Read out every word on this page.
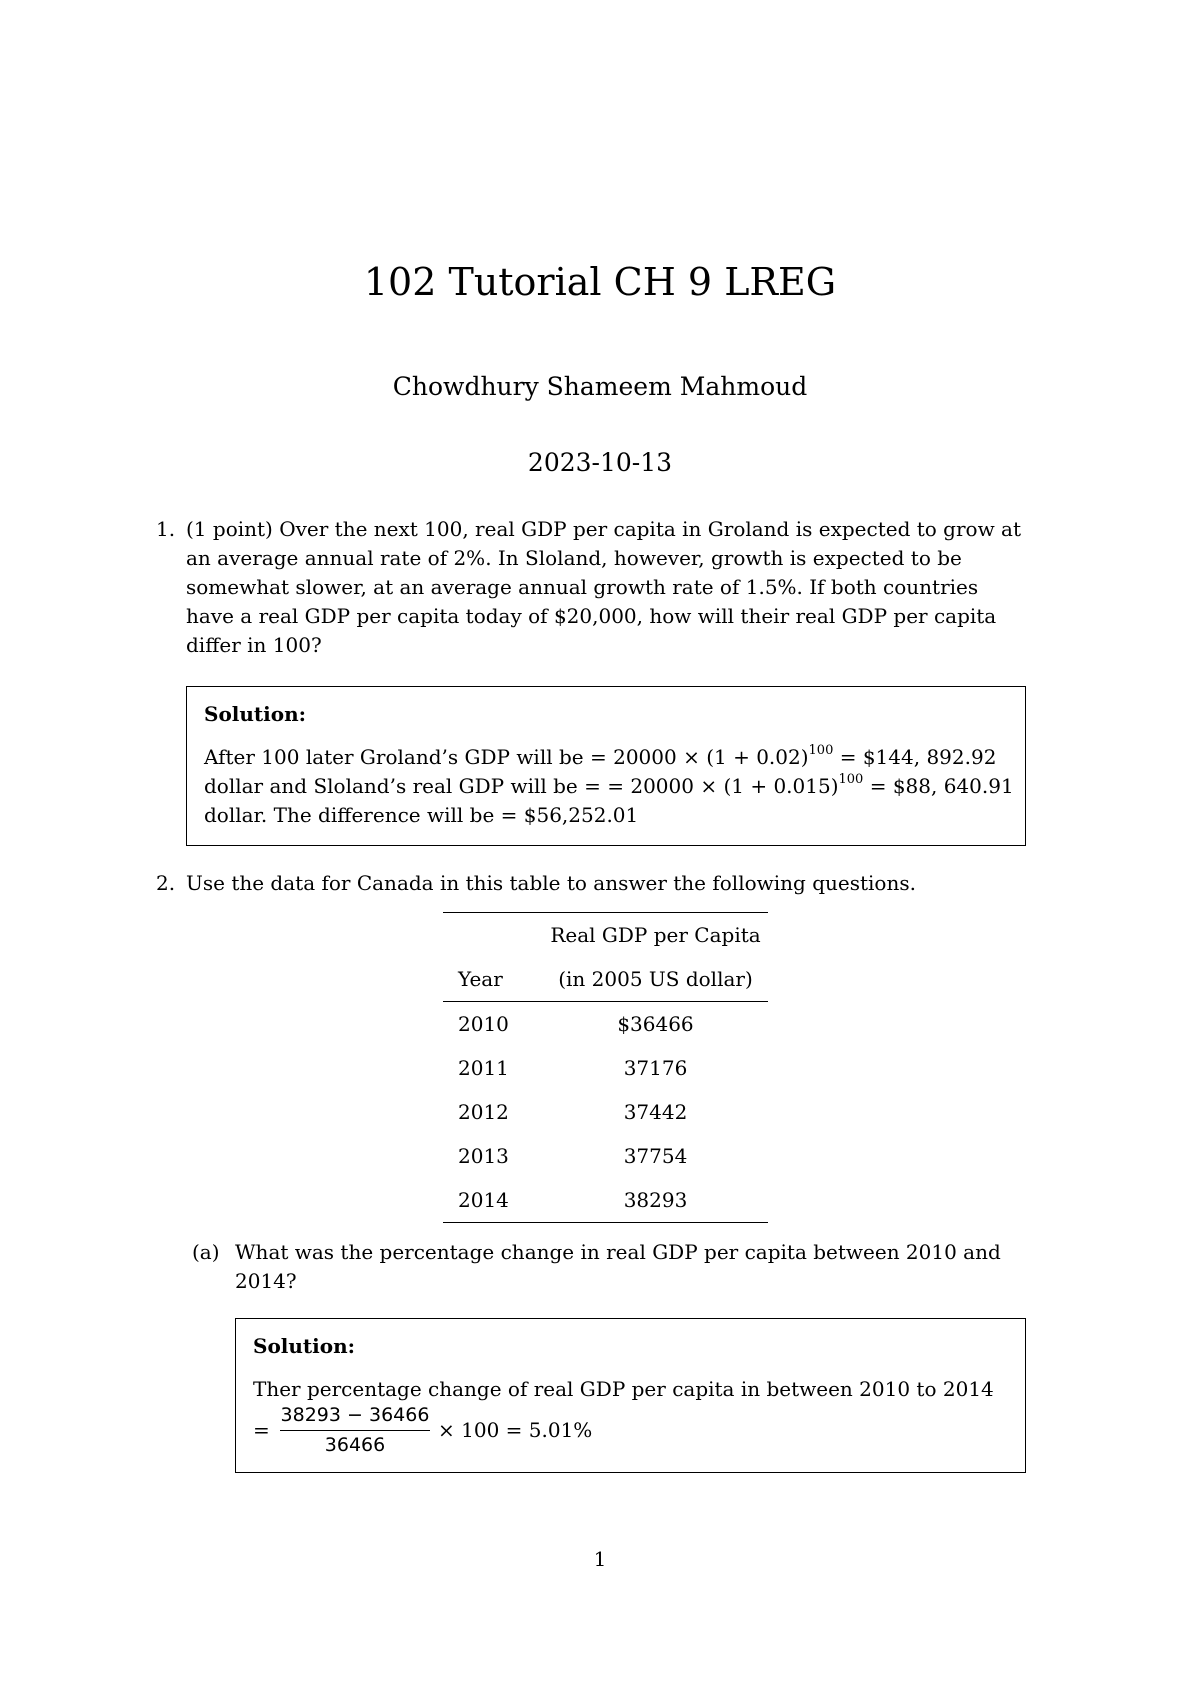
102 Tutorial CH 9 LREG
Chowdhury Shameem Mahmoud
2023-10-13
1. (1 point) Over the next 100, real GDP per capita in Groland is expected to grow at an average annual rate of 2%. In Sloland, however, growth is expected to be somewhat slower, at an average annual growth rate of 1.5%. If both countries have a real GDP per capita today of $20,000, how will their real GDP per capita differ in 100?
Solution:
After 100 later Groland’s GDP will be = $20000 \times (1 + 0.02)^{100}$ = $144, 892.92
dollar and Sloland’s real GDP will be = = $20000 \times (1 + 0.015)^{100}$ = $88, 640.91
dollar. The difference will be = $56,252.01
2. Use the data for Canada in this table to answer the following questions.
	Real GDP per Capita
Year	(in 2005 US dollar)
2010	$36466
2011	37176
2012	37442
2013	37754
2014	38293
(a) What was the percentage change in real GDP per capita between 2010 and 2014?
Solution:
Ther percentage change of real GDP per capita in between 2010 to 2014
=
38293 − 36466
36466
× 100 = 5.01%
1
